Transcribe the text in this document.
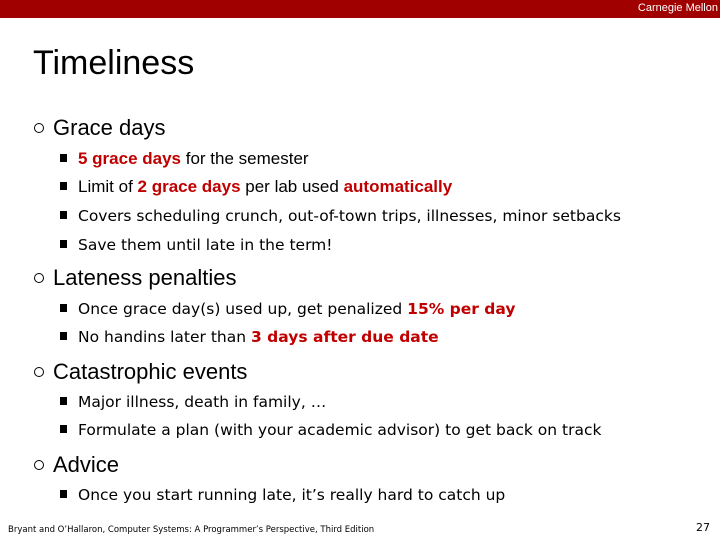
Carnegie Mellon
Timeliness
Grace days
5 grace days for the semester
Limit of 2 grace days per lab used automatically
Covers scheduling crunch, out-of-town trips, illnesses, minor setbacks
Save them until late in the term!
Lateness penalties
Once grace day(s) used up, get penalized 15% per day
No handins later than 3 days after due date
Catastrophic events
Major illness, death in family, …
Formulate a plan (with your academic advisor) to get back on track
Advice
Once you start running late, it’s really hard to catch up
Bryant and O’Hallaron, Computer Systems: A Programmer’s Perspective, Third Edition	27
